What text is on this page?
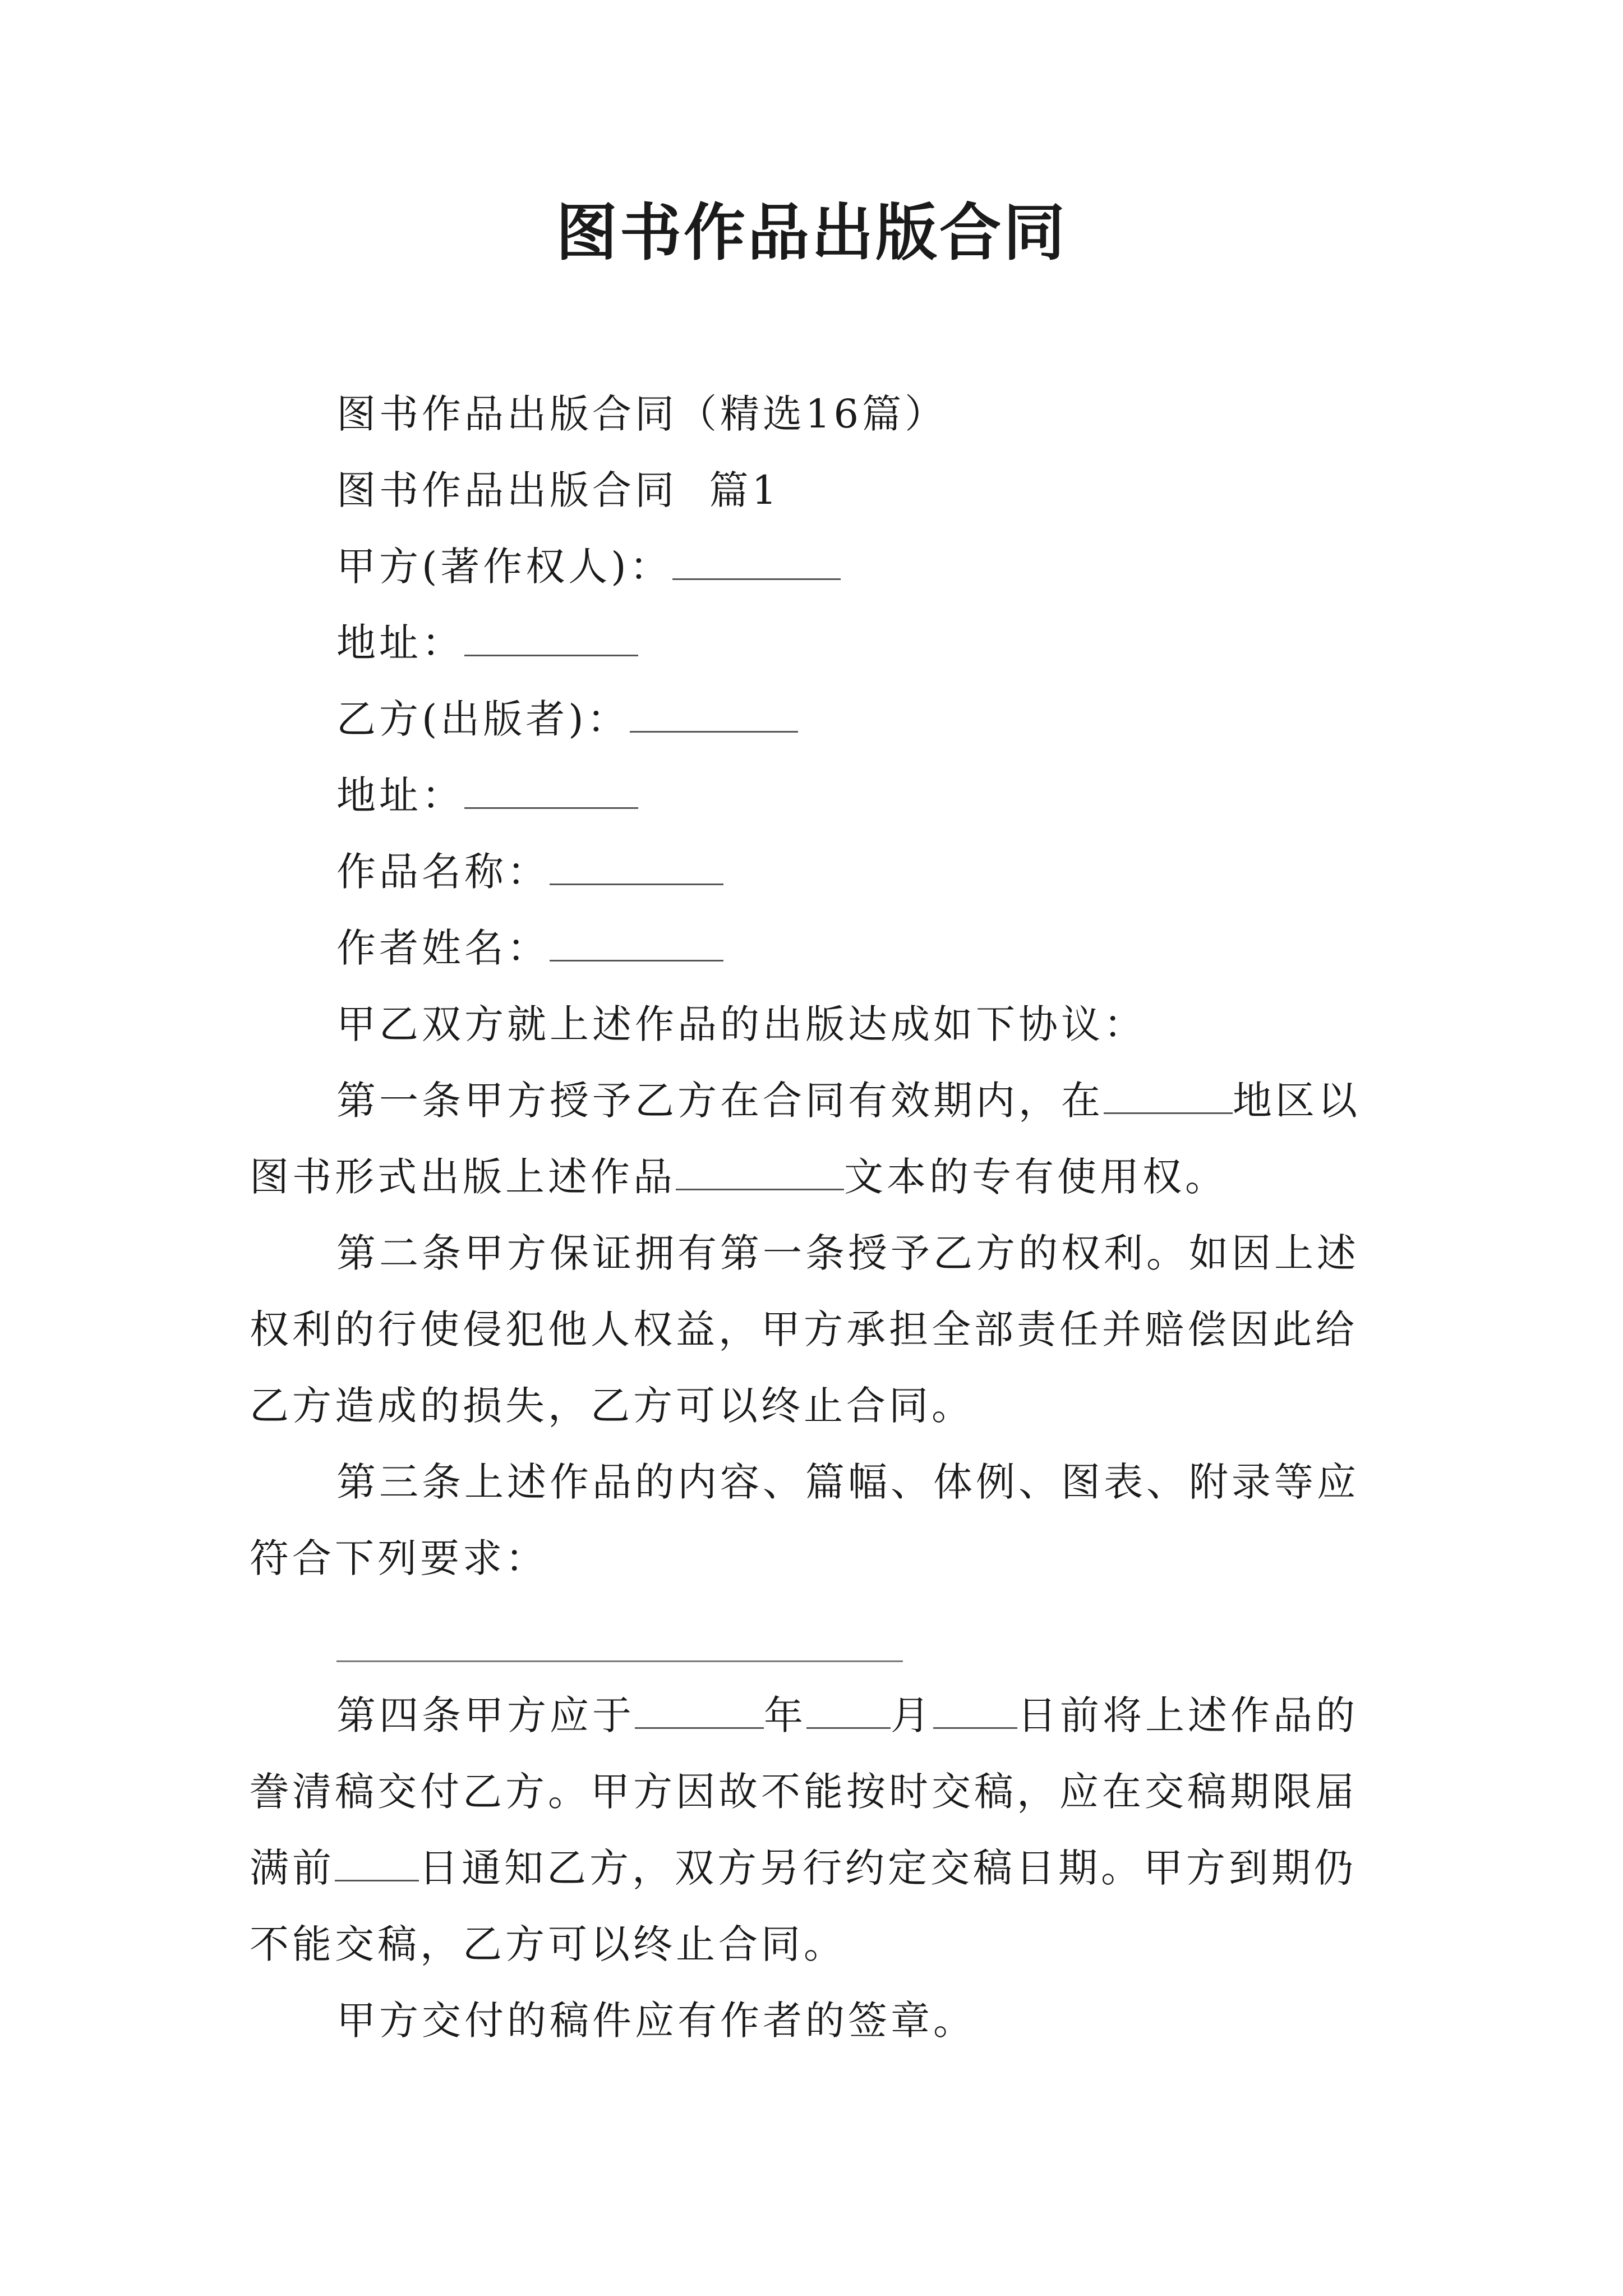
图书作品出版合同
图书作品出版合同（精选16篇）
图书作品出版合同  篇1
甲方(著作权人)：
地址：
乙方(出版者)：
地址：
作品名称：
作者姓名：
甲乙双方就上述作品的出版达成如下协议：
第一条甲方授予乙方在合同有效期内，在	地区以
图书形式出版上述作品	文本的专有使用权。
第二条甲方保证拥有第一条授予乙方的权利。如因上述
权利的行使侵犯他人权益，甲方承担全部责任并赔偿因此给
乙方造成的损失，乙方可以终止合同。
第三条上述作品的内容、篇幅、体例、图表、附录等应
符合下列要求：
第四条甲方应于	年 月 日前将上述作品的
誊清稿交付乙方。甲方因故不能按时交稿，应在交稿期限届
满前 日通知乙方，双方另行约定交稿日期。甲方到期仍
不能交稿，乙方可以终止合同。
甲方交付的稿件应有作者的签章。
